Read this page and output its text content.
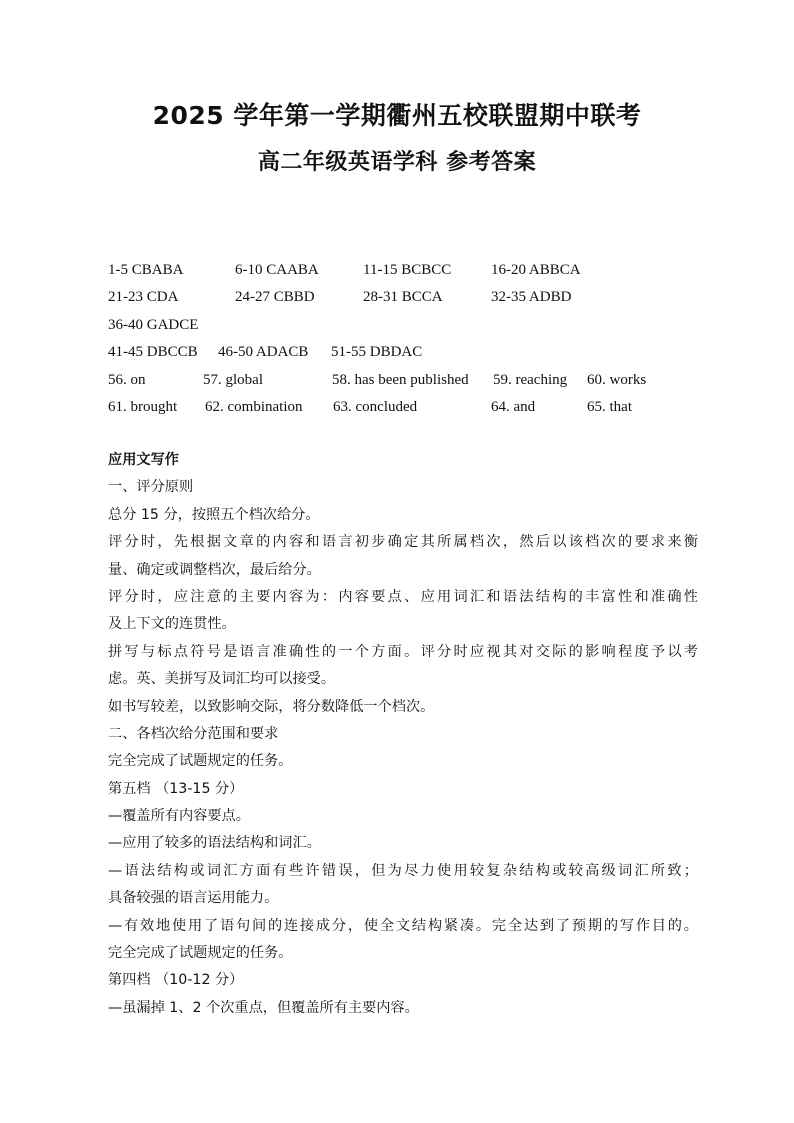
2025 学年第一学期衢州五校联盟期中联考
高二年级英语学科 参考答案
1-5 CBABA	6-10 CAABA	11-15 BCBCC	16-20 ABBCA
21-23 CDA	24-27 CBBD	28-31 BCCA	32-35 ADBD
36-40 GADCE
41-45 DBCCB 46-50 ADACB 51-55 DBDAC
56. on	57. global	58. has been published 59. reaching 60. works
61. brought 62. combination 63. concluded	64. and	65. that
应用文写作
一、评分原则
总分 15 分，按照五个档次给分。
评分时，先根据文章的内容和语言初步确定其所属档次，然后以该档次的要求来衡
量、确定或调整档次，最后给分。
评分时，应注意的主要内容为：内容要点、应用词汇和语法结构的丰富性和准确性
及上下文的连贯性。
拼写与标点符号是语言准确性的一个方面。评分时应视其对交际的影响程度予以考
虑。英、美拼写及词汇均可以接受。
如书写较差，以致影响交际，将分数降低一个档次。
二、各档次给分范围和要求
完全完成了试题规定的任务。
第五档 （13-15 分）
—覆盖所有内容要点。
—应用了较多的语法结构和词汇。
—语法结构或词汇方面有些许错误，但为尽力使用较复杂结构或较高级词汇所致；
具备较强的语言运用能力。
—有效地使用了语句间的连接成分，使全文结构紧凑。完全达到了预期的写作目的。
完全完成了试题规定的任务。
第四档 （10-12 分）
—虽漏掉 1、2 个次重点，但覆盖所有主要内容。
